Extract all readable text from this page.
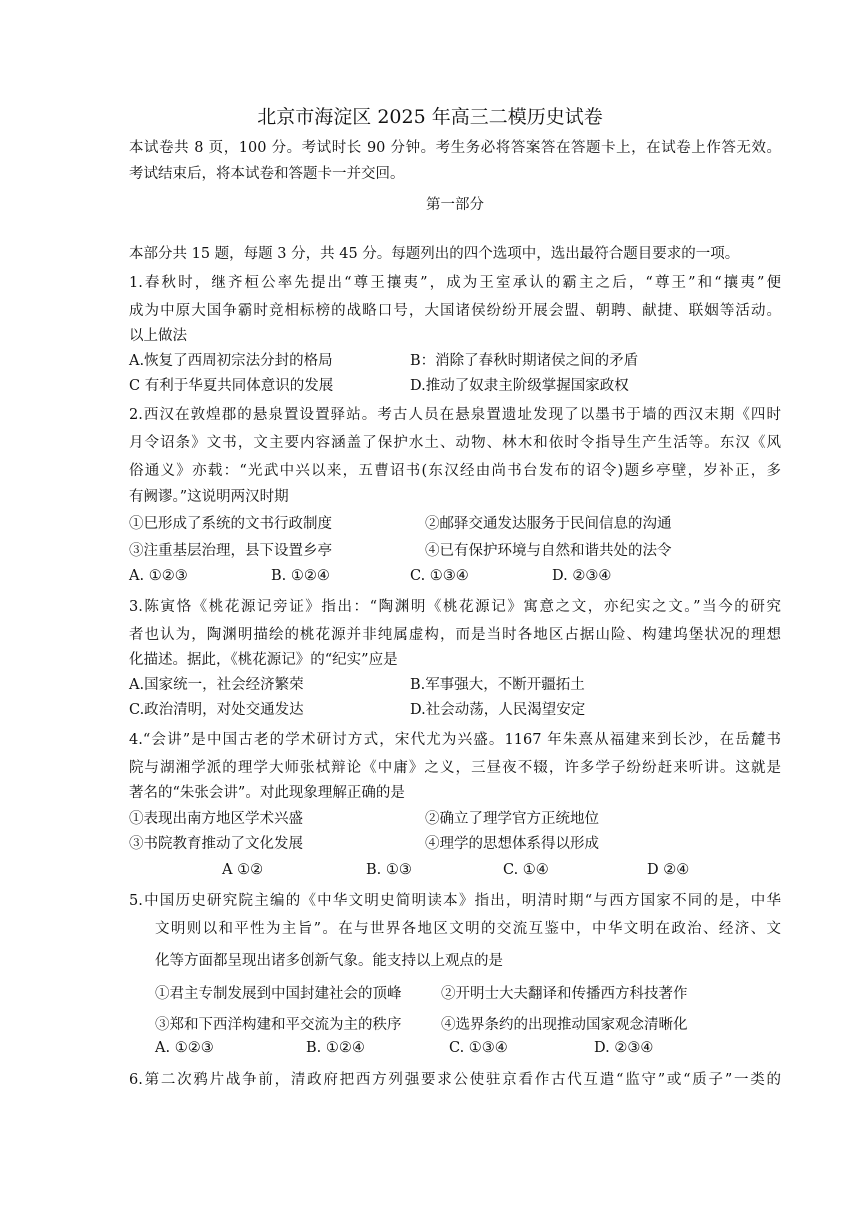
北京市海淀区 2025 年高三二模历史试卷
本试卷共 8 页，100 分。考试时长 90 分钟。考生务必将答案答在答题卡上，在试卷上作答无效。
考试结束后，将本试卷和答题卡一并交回。
第一部分
本部分共 15 题，每题 3 分，共 45 分。每题列出的四个选项中，选出最符合题目要求的一项。
1.春秋时，继齐桓公率先提出“尊王攘夷”，成为王室承认的霸主之后，“尊王”和“攘夷”便
成为中原大国争霸时竞相标榜的战略口号，大国诸侯纷纷开展会盟、朝聘、献捷、联姻等活动。
以上做法
A.恢复了西周初宗法分封的格局	B：消除了春秋时期诸侯之间的矛盾
C 有利于华夏共同体意识的发展	D.推动了奴隶主阶级掌握国家政权
2.西汉在敦煌郡的悬泉置设置驿站。考古人员在悬泉置遗址发现了以墨书于墙的西汉末期《四时
月令诏条》文书，文主要内容涵盖了保护水土、动物、林木和依时令指导生产生活等。东汉《风
俗通义》亦载：“光武中兴以来，五曹诏书(东汉经由尚书台发布的诏令)题乡亭壁，岁补正，多
有阙谬。”这说明两汉时期
①巳形成了系统的文书行政制度	②邮驿交通发达服务于民间信息的沟通
③注重基层治理，县下设置乡亭	④已有保护环境与自然和谐共处的法令
A. ①②③	B. ①②④	C. ①③④	D. ②③④
3.陈寅恪《桃花源记旁证》指出：“陶渊明《桃花源记》寓意之文，亦纪实之文。”当今的研究
者也认为，陶渊明描绘的桃花源并非纯属虚构，而是当时各地区占据山险、构建坞堡状况的理想
化描述。据此，《桃花源记》的“纪实”应是
A.国家统一，社会经济繁荣	B.军事强大，不断开疆拓土
C.政治清明，对处交通发达	D.社会动荡，人民渴望安定
4.“会讲”是中国古老的学术研讨方式，宋代尤为兴盛。1167 年朱熹从福建来到长沙，在岳麓书
院与湖湘学派的理学大师张栻辩论《中庸》之义，三昼夜不辍，许多学子纷纷赶来听讲。这就是
著名的“朱张会讲”。对此现象理解正确的是
①表现出南方地区学术兴盛	②确立了理学官方正统地位
③书院教育推动了文化发展	④理学的思想体系得以形成
A ①②	B. ①③	C. ①④	D ②④
5.中国历史研究院主编的《中华文明史简明读本》指出，明清时期“与西方国家不同的是，中华
文明则以和平性为主旨”。在与世界各地区文明的交流互鉴中，中华文明在政治、经济、文
化等方面都呈现出诸多创新气象。能支持以上观点的是
①君主专制发展到中国封建社会的顶峰	②开明士大夫翻译和传播西方科技著作
③郑和下西洋构建和平交流为主的秩序	④选界条约的出现推动国家观念清晰化
A. ①②③	B. ①②④	C. ①③④	D. ②③④
6.第二次鸦片战争前，清政府把西方列强要求公使驻京看作古代互遣“监守”或“质子”一类的
